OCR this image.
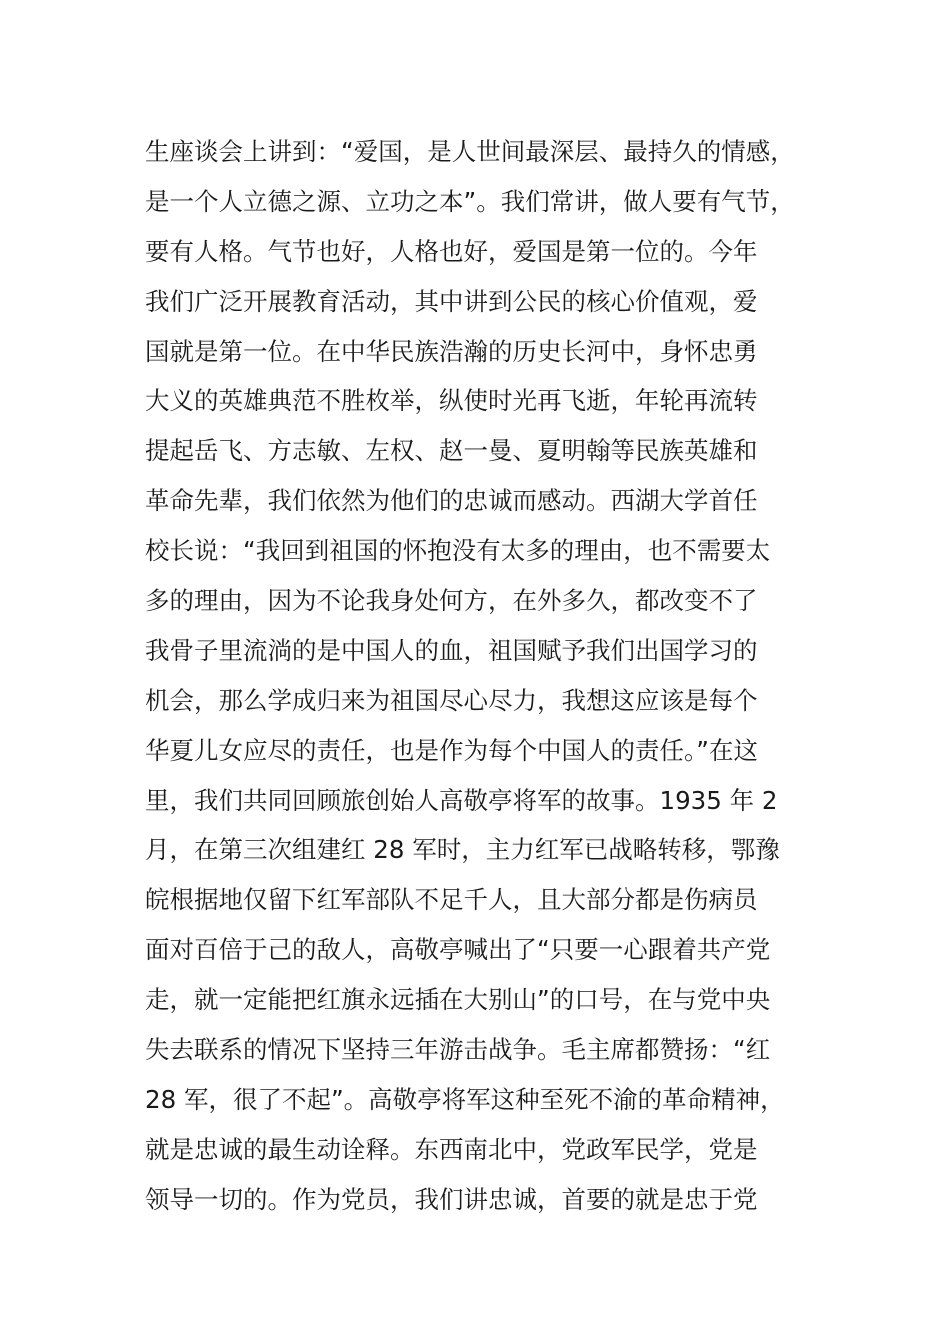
生座谈会上讲到：“爱国，是人世间最深层、最持久的情感，
是一个人立德之源、立功之本”。我们常讲，做人要有气节，
要有人格。气节也好，人格也好，爱国是第一位的。今年
我们广泛开展教育活动，其中讲到公民的核心价值观，爱
国就是第一位。在中华民族浩瀚的历史长河中，身怀忠勇
大义的英雄典范不胜枚举，纵使时光再飞逝，年轮再流转
提起岳飞、方志敏、左权、赵一曼、夏明翰等民族英雄和
革命先辈，我们依然为他们的忠诚而感动。西湖大学首任
校长说：“我回到祖国的怀抱没有太多的理由，也不需要太
多的理由，因为不论我身处何方，在外多久，都改变不了
我骨子里流淌的是中国人的血，祖国赋予我们出国学习的
机会，那么学成归来为祖国尽心尽力，我想这应该是每个
华夏儿女应尽的责任，也是作为每个中国人的责任。”在这
里，我们共同回顾旅创始人高敬亭将军的故事。1935 年 2
月，在第三次组建红 28 军时，主力红军已战略转移，鄂豫
皖根据地仅留下红军部队不足千人，且大部分都是伤病员
面对百倍于己的敌人，高敬亭喊出了“只要一心跟着共产党
走，就一定能把红旗永远插在大别山”的口号，在与党中央
失去联系的情况下坚持三年游击战争。毛主席都赞扬：“红
28 军，很了不起”。高敬亭将军这种至死不渝的革命精神，
就是忠诚的最生动诠释。东西南北中，党政军民学，党是
领导一切的。作为党员，我们讲忠诚，首要的就是忠于党
